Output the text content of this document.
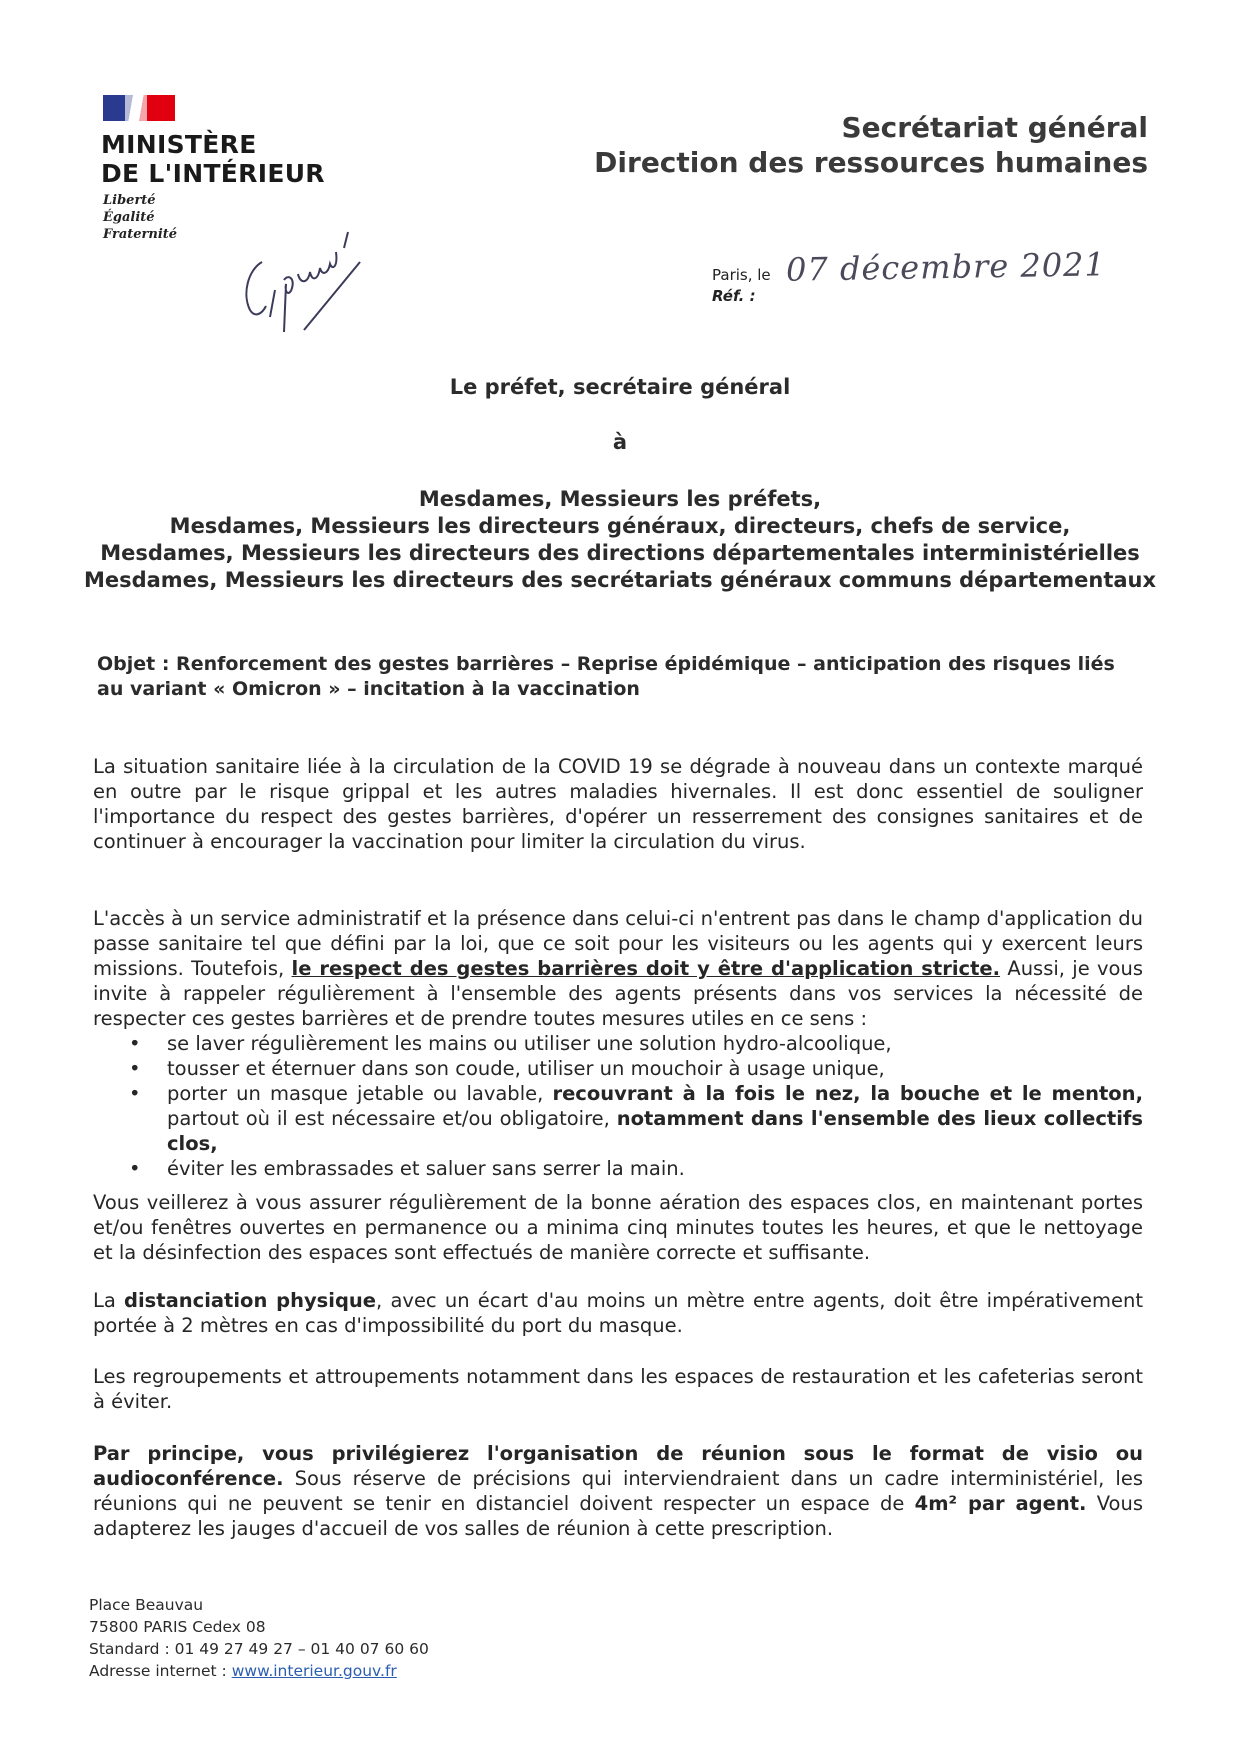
MINISTÈRE
DE L'INTÉRIEUR
Liberté
Égalité
Fraternité
Secrétariat général
Direction des ressources humaines
Paris, le 07 décembre 2021
Réf. :
Le préfet, secrétaire général
à
Mesdames, Messieurs les préfets,
Mesdames, Messieurs les directeurs généraux, directeurs, chefs de service,
Mesdames, Messieurs les directeurs des directions départementales interministérielles
Mesdames, Messieurs les directeurs des secrétariats généraux communs départementaux
Objet : Renforcement des gestes barrières – Reprise épidémique – anticipation des risques liés au variant « Omicron » – incitation à la vaccination
La situation sanitaire liée à la circulation de la COVID 19 se dégrade à nouveau dans un contexte marqué en outre par le risque grippal et les autres maladies hivernales. Il est donc essentiel de souligner l'importance du respect des gestes barrières, d'opérer un resserrement des consignes sanitaires et de continuer à encourager la vaccination pour limiter la circulation du virus.
L'accès à un service administratif et la présence dans celui-ci n'entrent pas dans le champ d'application du passe sanitaire tel que défini par la loi, que ce soit pour les visiteurs ou les agents qui y exercent leurs missions. Toutefois, le respect des gestes barrières doit y être d'application stricte. Aussi, je vous invite à rappeler régulièrement à l'ensemble des agents présents dans vos services la nécessité de respecter ces gestes barrières et de prendre toutes mesures utiles en ce sens :
• se laver régulièrement les mains ou utiliser une solution hydro-alcoolique,
• tousser et éternuer dans son coude, utiliser un mouchoir à usage unique,
• porter un masque jetable ou lavable, recouvrant à la fois le nez, la bouche et le menton, partout où il est nécessaire et/ou obligatoire, notamment dans l'ensemble des lieux collectifs clos,
• éviter les embrassades et saluer sans serrer la main.
Vous veillerez à vous assurer régulièrement de la bonne aération des espaces clos, en maintenant portes et/ou fenêtres ouvertes en permanence ou a minima cinq minutes toutes les heures, et que le nettoyage et la désinfection des espaces sont effectués de manière correcte et suffisante.
La distanciation physique, avec un écart d'au moins un mètre entre agents, doit être impérativement portée à 2 mètres en cas d'impossibilité du port du masque.
Les regroupements et attroupements notamment dans les espaces de restauration et les cafeterias seront à éviter.
Par principe, vous privilégierez l'organisation de réunion sous le format de visio ou audioconférence. Sous réserve de précisions qui interviendraient dans un cadre interministériel, les réunions qui ne peuvent se tenir en distanciel doivent respecter un espace de 4m² par agent. Vous adapterez les jauges d'accueil de vos salles de réunion à cette prescription.
Place Beauvau
75800 PARIS Cedex 08
Standard : 01 49 27 49 27 – 01 40 07 60 60
Adresse internet : www.interieur.gouv.fr
